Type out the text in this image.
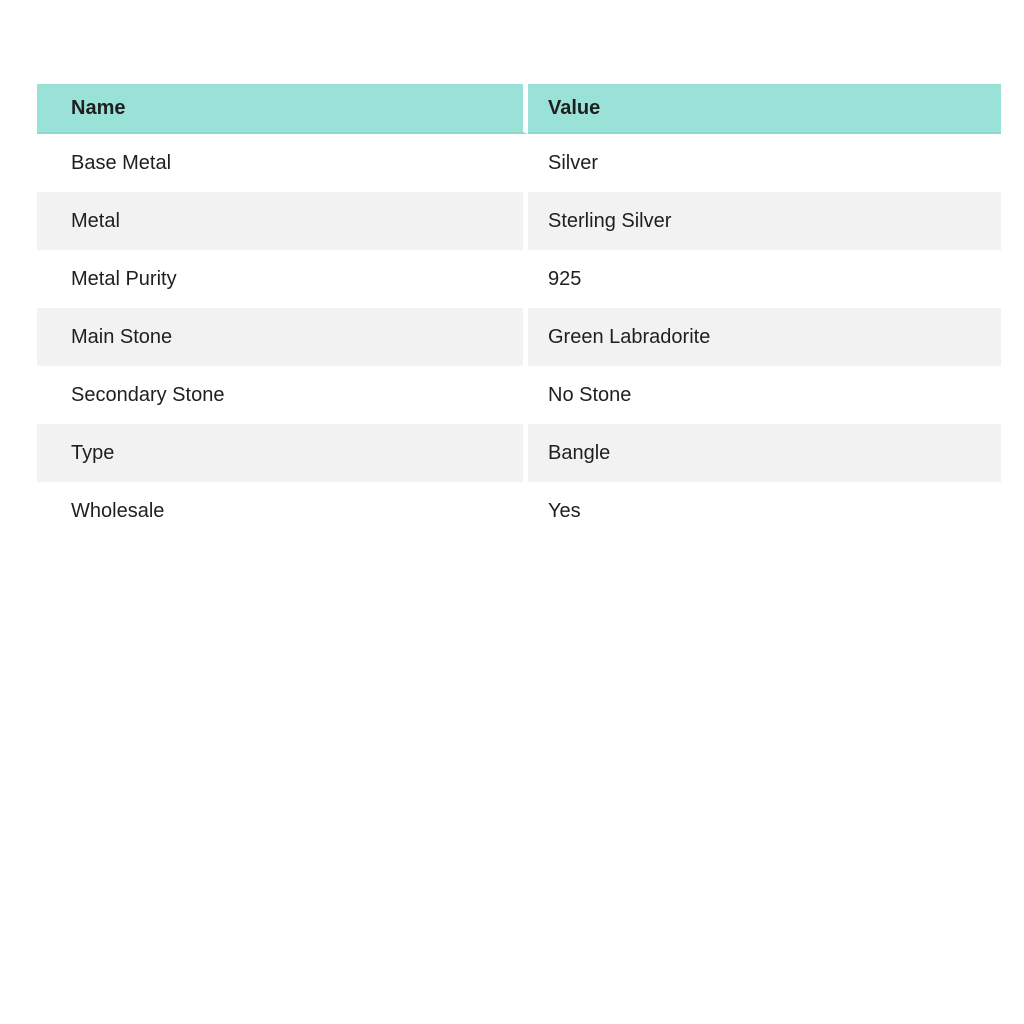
Name	Value
Base Metal	Silver
Metal	Sterling Silver
Metal Purity	925
Main Stone	Green Labradorite
Secondary Stone	No Stone
Type	Bangle
Wholesale	Yes
